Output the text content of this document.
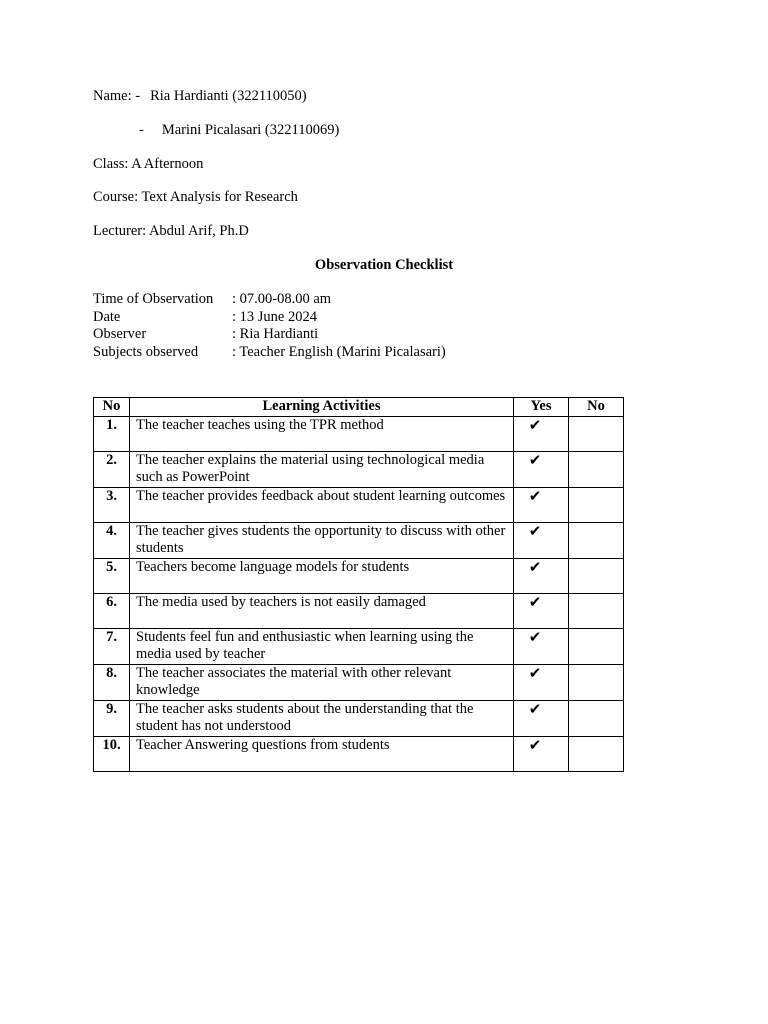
Name: - Ria Hardianti (322110050)
- Marini Picalasari (322110069)
Class: A Afternoon
Course: Text Analysis for Research
Lecturer: Abdul Arif, Ph.D
Observation Checklist
Time of Observation	: 07.00-08.00 am
Date	: 13 June 2024
Observer	: Ria Hardianti
Subjects observed	: Teacher English (Marini Picalasari)
No	Learning Activities	Yes	No
1.	The teacher teaches using the TPR method	✔	
2.	The teacher explains the material using technological media such as PowerPoint	✔	
3.	The teacher provides feedback about student learning outcomes	✔	
4.	The teacher gives students the opportunity to discuss with other students	✔	
5.	Teachers become language models for students	✔	
6.	The media used by teachers is not easily damaged	✔	
7.	Students feel fun and enthusiastic when learning using the media used by teacher	✔	
8.	The teacher associates the material with other relevant knowledge	✔	
9.	The teacher asks students about the understanding that the student has not understood	✔	
10.	Teacher Answering questions from students	✔	
